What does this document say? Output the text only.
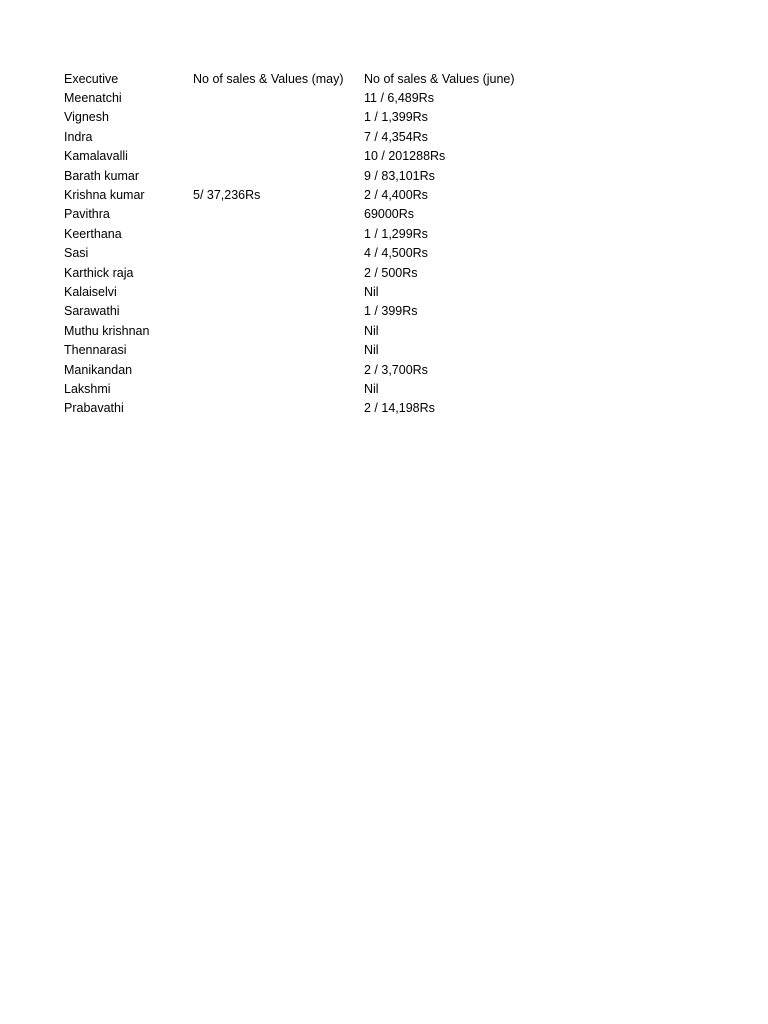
Executive	No of sales & Values (may)	No of sales & Values (june)
Meenatchi		11 / 6,489Rs
Vignesh		1 / 1,399Rs
Indra		7 / 4,354Rs
Kamalavalli		10 / 201288Rs
Barath kumar		9 / 83,101Rs
Krishna kumar	5/ 37,236Rs	2 / 4,400Rs
Pavithra		69000Rs
Keerthana		1 / 1,299Rs
Sasi		4 / 4,500Rs
Karthick raja		2 / 500Rs
Kalaiselvi		Nil
Sarawathi		1 / 399Rs
Muthu krishnan		Nil
Thennarasi		Nil
Manikandan		2 / 3,700Rs
Lakshmi		Nil
Prabavathi		2 / 14,198Rs
